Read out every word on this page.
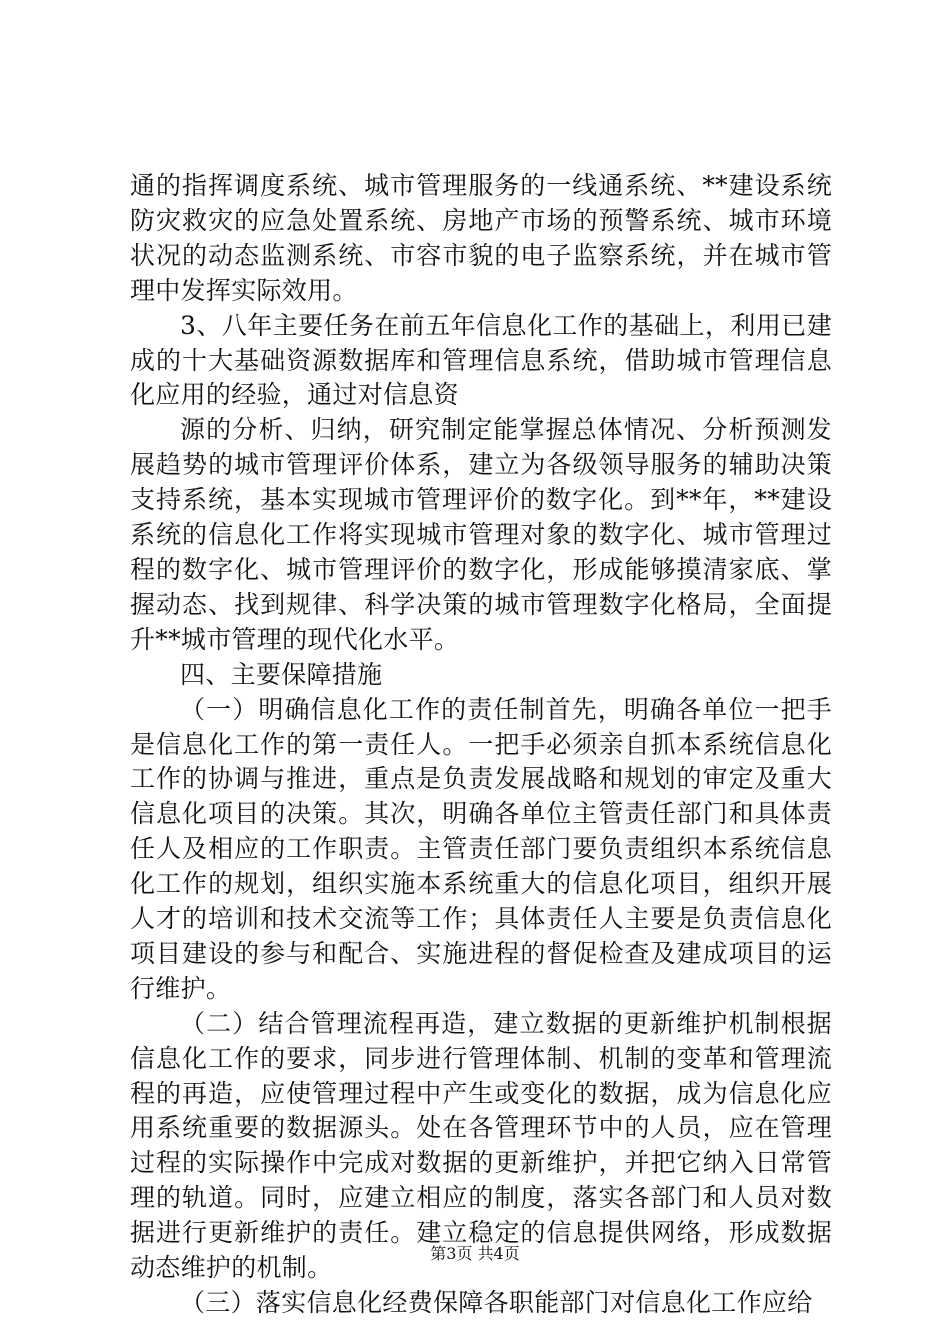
通的指挥调度系统、城市管理服务的一线通系统、**建设系统防灾救灾的应急处置系统、房地产市场的预警系统、城市环境状况的动态监测系统、市容市貌的电子监察系统，并在城市管理中发挥实际效用。

3、八年主要任务在前五年信息化工作的基础上，利用已建成的十大基础资源数据库和管理信息系统，借助城市管理信息化应用的经验，通过对信息资

源的分析、归纳，研究制定能掌握总体情况、分析预测发展趋势的城市管理评价体系，建立为各级领导服务的辅助决策支持系统，基本实现城市管理评价的数字化。到**年，**建设系统的信息化工作将实现城市管理对象的数字化、城市管理过程的数字化、城市管理评价的数字化，形成能够摸清家底、掌握动态、找到规律、科学决策的城市管理数字化格局，全面提升**城市管理的现代化水平。

四、主要保障措施

（一）明确信息化工作的责任制首先，明确各单位一把手是信息化工作的第一责任人。一把手必须亲自抓本系统信息化工作的协调与推进，重点是负责发展战略和规划的审定及重大信息化项目的决策。其次，明确各单位主管责任部门和具体责任人及相应的工作职责。主管责任部门要负责组织本系统信息化工作的规划，组织实施本系统重大的信息化项目，组织开展人才的培训和技术交流等工作；具体责任人主要是负责信息化项目建设的参与和配合、实施进程的督促检查及建成项目的运行维护。

（二）结合管理流程再造，建立数据的更新维护机制根据信息化工作的要求，同步进行管理体制、机制的变革和管理流程的再造，应使管理过程中产生或变化的数据，成为信息化应用系统重要的数据源头。处在各管理环节中的人员，应在管理过程的实际操作中完成对数据的更新维护，并把它纳入日常管理的轨道。同时，应建立相应的制度，落实各部门和人员对数据进行更新维护的责任。建立稳定的信息提供网络，形成数据动态维护的机制。

（三）落实信息化经费保障各职能部门对信息化工作应给

第3页 共4页
